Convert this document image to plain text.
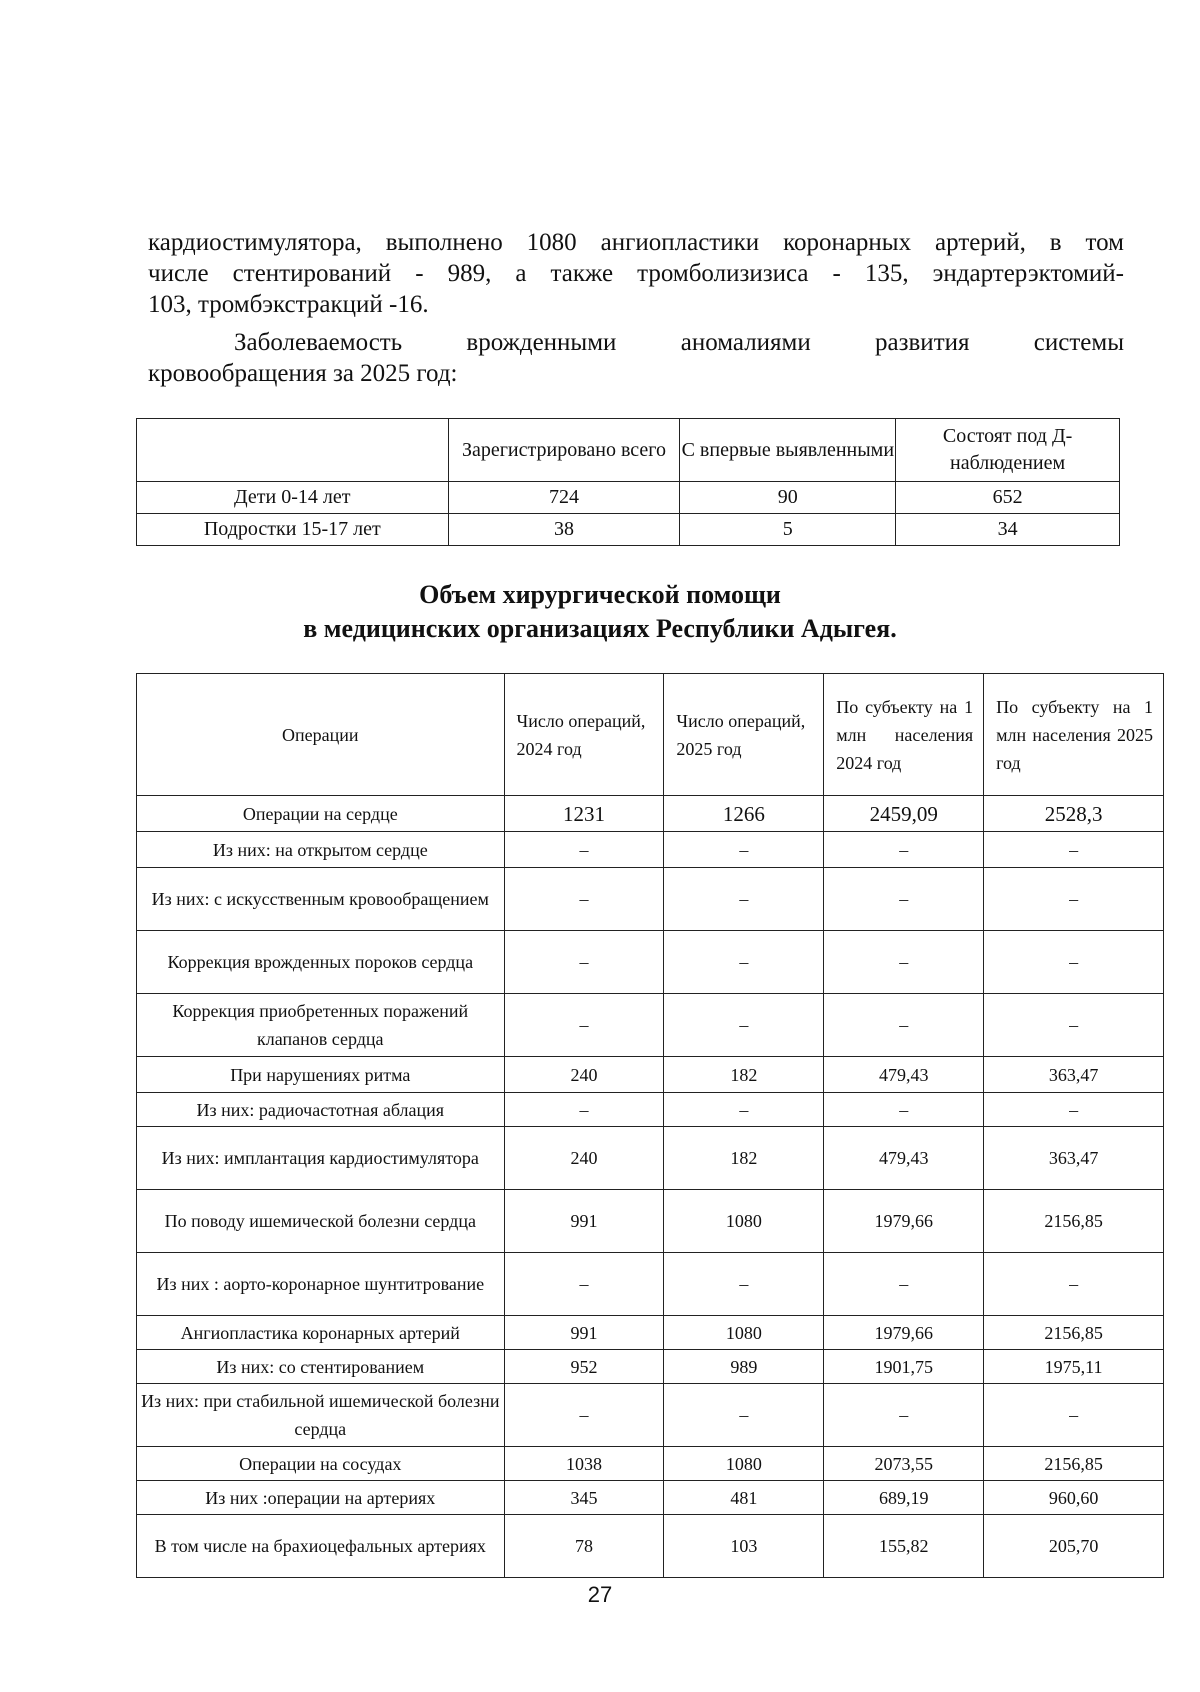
кардиостимулятора, выполнено 1080 ангиопластики коронарных артерий, в том

числе стентирований - 989, а также тромболизизиса - 135, эндартерэктомий-

103, тромбэкстракций -16.

Заболеваемость врожденными аномалиями развития системы

кровообращения за 2025 год:

	Зарегистрировано всего	С впервые выявленными	Состоят под Д-наблюдением
Дети 0-14 лет	724	90	652
Подростки 15-17 лет	38	5	34

Объем хирургической помощи

в медицинских организациях Республики Адыгея.

Операции	Число операций, 2024 год	Число операций, 2025 год	По субъекту на 1 млн населения 2024 год	По субъекту на 1 млн населения 2025 год
Операции на сердце	1231	1266	2459,09	2528,3
Из них: на открытом сердце	–	–	–	–
Из них: с искусственным кровообращением	–	–	–	–
Коррекция врожденных пороков сердца	–	–	–	–
Коррекция приобретенных поражений клапанов сердца	–	–	–	–
При нарушениях ритма	240	182	479,43	363,47
Из них: радиочастотная аблация	–	–	–	–
Из них: имплантация кардиостимулятора	240	182	479,43	363,47
По поводу ишемической болезни сердца	991	1080	1979,66	2156,85
Из них : аорто-коронарное шунтитрование	–	–	–	–
Ангиопластика коронарных артерий	991	1080	1979,66	2156,85
Из них: со стентированием	952	989	1901,75	1975,11
Из них: при стабильной ишемической болезни сердца	–	–	–	–
Операции на сосудах	1038	1080	2073,55	2156,85
Из них :операции на артериях	345	481	689,19	960,60
В том числе на брахиоцефальных артериях	78	103	155,82	205,70
27
